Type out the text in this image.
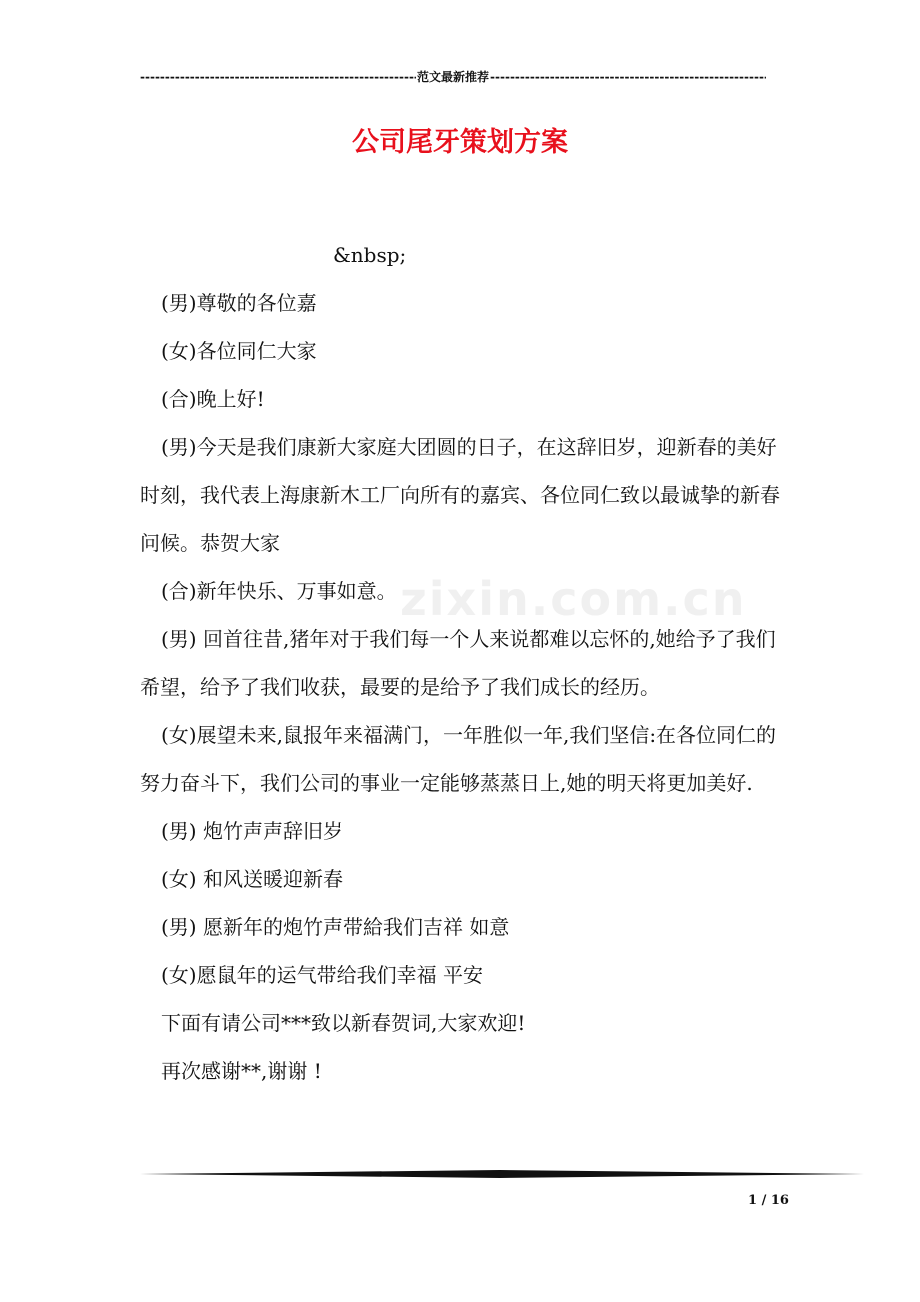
-----
范文最新推荐
-----
公司尾牙策划方案
zixin.com.cn

&nbsp;

(男)尊敬的各位嘉

(女)各位同仁大家

(合)晚上好!

(男)今天是我们康新大家庭大团圆的日子，在这辞旧岁，迎新春的美好时刻，我代表上海康新木工厂向所有的嘉宾、各位同仁致以最诚挚的新春问候。恭贺大家

(合)新年快乐、万事如意。

(男) 回首往昔,猪年对于我们每一个人来说都难以忘怀的,她给予了我们希望，给予了我们收获，最要的是给予了我们成长的经历。

(女)展望未来,鼠报年来福满门，一年胜似一年,我们坚信:在各位同仁的努力奋斗下，我们公司的事业一定能够蒸蒸日上,她的明天将更加美好.

(男) 炮竹声声辞旧岁

(女) 和风送暖迎新春

(男) 愿新年的炮竹声带給我们吉祥 如意

(女)愿鼠年的运气带给我们幸福 平安

下面有请公司***致以新春贺词,大家欢迎!

再次感谢**,谢谢 !

1 / 16
